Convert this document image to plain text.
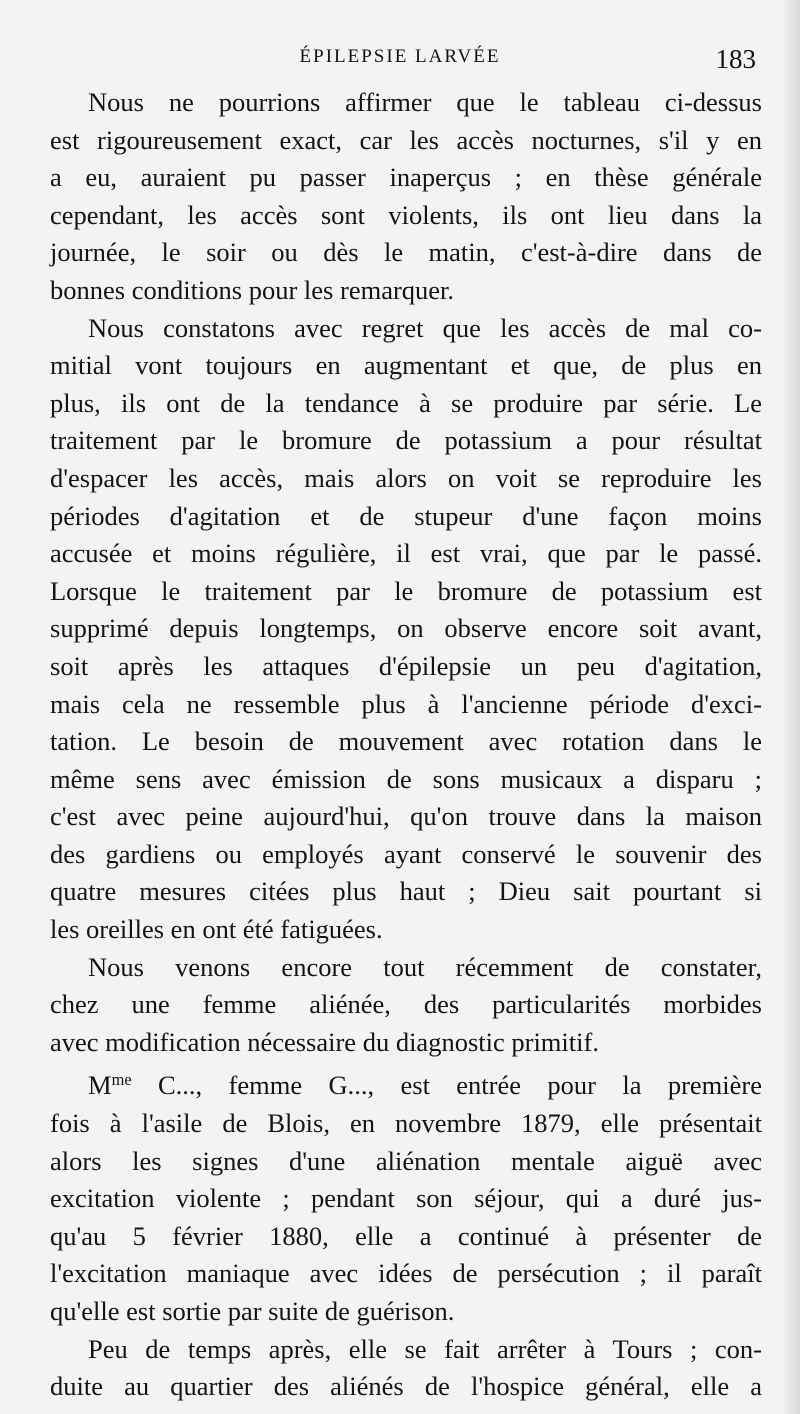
ÉPILEPSIE LARVÉE	183
Nous ne pourrions affirmer que le tableau ci-dessus
est rigoureusement exact, car les accès nocturnes, s'il y en
a eu, auraient pu passer inaperçus ; en thèse générale
cependant, les accès sont violents, ils ont lieu dans la
journée, le soir ou dès le matin, c'est-à-dire dans de
bonnes conditions pour les remarquer.
Nous constatons avec regret que les accès de mal co-
mitial vont toujours en augmentant et que, de plus en
plus, ils ont de la tendance à se produire par série. Le
traitement par le bromure de potassium a pour résultat
d'espacer les accès, mais alors on voit se reproduire les
périodes d'agitation et de stupeur d'une façon moins
accusée et moins régulière, il est vrai, que par le passé.
Lorsque le traitement par le bromure de potassium est
supprimé depuis longtemps, on observe encore soit avant,
soit après les attaques d'épilepsie un peu d'agitation,
mais cela ne ressemble plus à l'ancienne période d'exci-
tation. Le besoin de mouvement avec rotation dans le
même sens avec émission de sons musicaux a disparu ;
c'est avec peine aujourd'hui, qu'on trouve dans la maison
des gardiens ou employés ayant conservé le souvenir des
quatre mesures citées plus haut ; Dieu sait pourtant si
les oreilles en ont été fatiguées.
Nous venons encore tout récemment de constater,
chez une femme aliénée, des particularités morbides
avec modification nécessaire du diagnostic primitif.
$M^{me}$ C..., femme G..., est entrée pour la première
fois à l'asile de Blois, en novembre 1879, elle présentait
alors les signes d'une aliénation mentale aiguë avec
excitation violente ; pendant son séjour, qui a duré jus-
qu'au 5 février 1880, elle a continué à présenter de
l'excitation maniaque avec idées de persécution ; il paraît
qu'elle est sortie par suite de guérison.
Peu de temps après, elle se fait arrêter à Tours ; con-
duite au quartier des aliénés de l'hospice général, elle a
